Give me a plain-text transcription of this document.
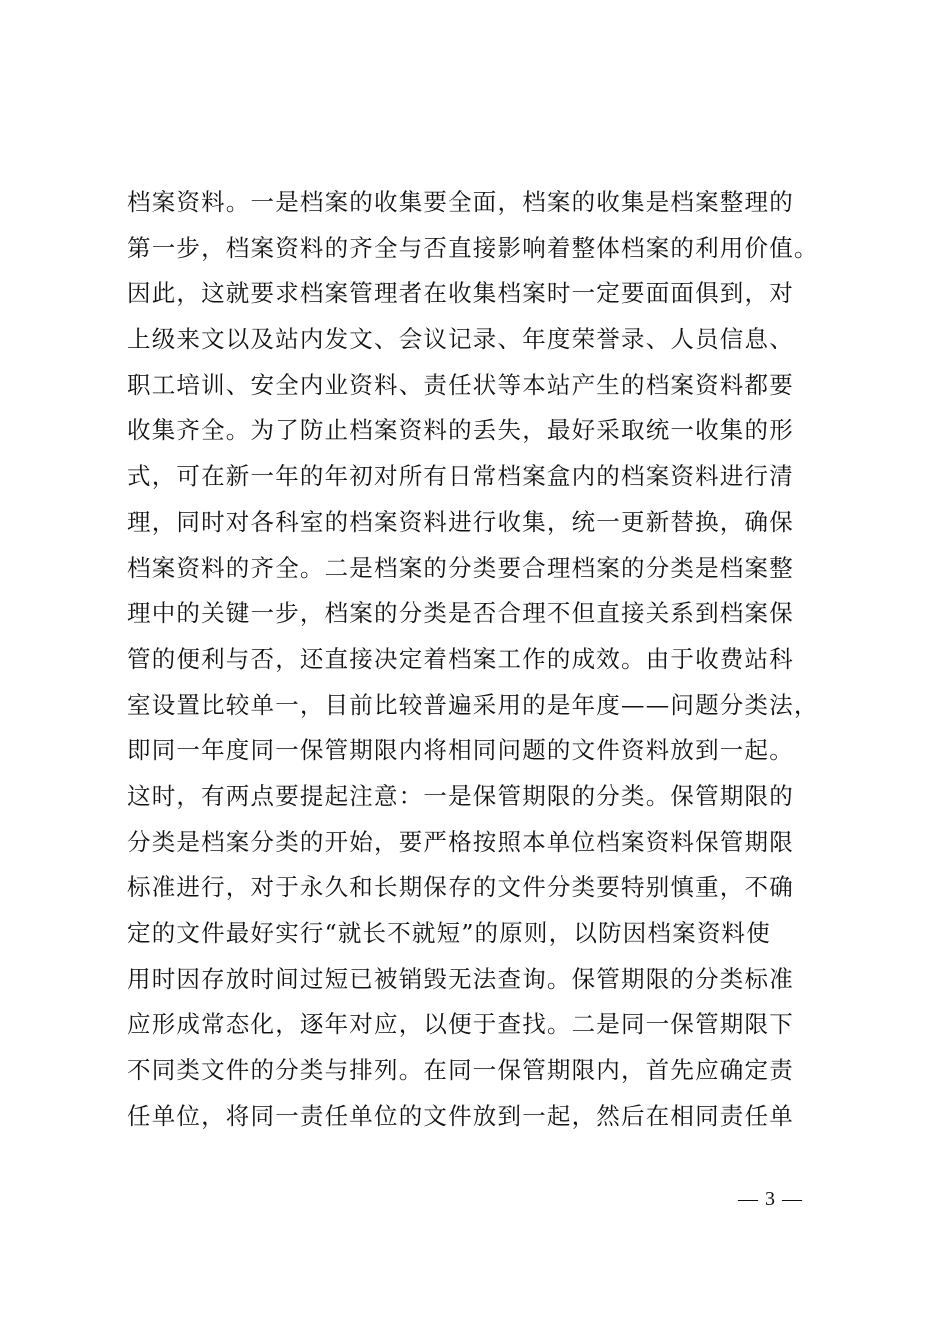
档案资料。一是档案的收集要全面，档案的收集是档案整理的
第一步，档案资料的齐全与否直接影响着整体档案的利用价值。
因此，这就要求档案管理者在收集档案时一定要面面俱到，对
上级来文以及站内发文、会议记录、年度荣誉录、人员信息、
职工培训、安全内业资料、责任状等本站产生的档案资料都要
收集齐全。为了防止档案资料的丢失，最好采取统一收集的形
式，可在新一年的年初对所有日常档案盒内的档案资料进行清
理，同时对各科室的档案资料进行收集，统一更新替换，确保
档案资料的齐全。二是档案的分类要合理档案的分类是档案整
理中的关键一步，档案的分类是否合理不但直接关系到档案保
管的便利与否，还直接决定着档案工作的成效。由于收费站科
室设置比较单一，目前比较普遍采用的是年度——问题分类法，
即同一年度同一保管期限内将相同问题的文件资料放到一起。
这时，有两点要提起注意：一是保管期限的分类。保管期限的
分类是档案分类的开始，要严格按照本单位档案资料保管期限
标准进行，对于永久和长期保存的文件分类要特别慎重，不确
定的文件最好实行“就长不就短”的原则，以防因档案资料使
用时因存放时间过短已被销毁无法查询。保管期限的分类标准
应形成常态化，逐年对应，以便于查找。二是同一保管期限下
不同类文件的分类与排列。在同一保管期限内，首先应确定责
任单位，将同一责任单位的文件放到一起，然后在相同责任单
— 3 —
